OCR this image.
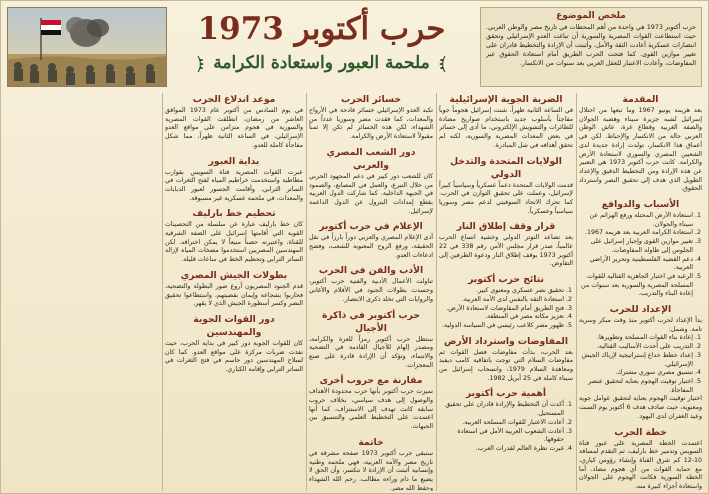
حرب أكتوبر 1973
ملحمة العبور واستعادة الكرامة
ملخص الموضوع

حرب أكتوبر 1973 هي واحدة من أهم المحطات في تاريخ مصر والوطن العربي. حيث استطاعت القوات المصرية والسورية أن تباغت العدو الإسرائيلي وتحقق انتصارات عسكرية أعادت الثقة والأمل، وأثبتت أن الإرادة والتخطيط قادران على تغيير موازين القوى. كما فتحت الحرب الطريق أمام استعادة الحقوق عبر المفاوضات، وأعادت الاعتبار للعقل العربي بعد سنوات من الانكسار.

المقدمة

بعد هزيمة يونيو 1967 وما تبعها من احتلال إسرائيل لشبه جزيرة سيناء وهضبة الجولان والضفة الغربية وقطاع غزة، عاش الوطن العربي حالة من الانكسار والإحباط. لكن في أعماق هذا الانكسار، تولدت إرادة جديدة لدى الشعبين المصري والسوري لاستعادة الأرض والكرامة. كانت حرب أكتوبر 1973 هي التعبير عن هذه الإرادة ومن التخطيط الدقيق والإعداد الطويل الذي هدف إلى تحقيق النصر واسترداد الحقوق.

الأسباب والدوافع
1. استعادة الأرض المحتلة ورفع الهزائم عن سيناء والجولان.
2. استعادة الكرامة العربية بعد هزيمة 1967.
3. تغيير موازين القوى وإجبار إسرائيل على الجلوس إلى طاولة المفاوضات.
4. دعم القضية الفلسطينية وتحرير الأراضي العربية.
5. الرغبة في اختبار الجاهزية القتالية للقوات المسلحة المصرية والسورية بعد سنوات من إعادة البناء والتدريب.
الإعداد للحرب

بدأ الإعداد لحرب أكتوبر منذ وقت مبكر وسرية تامة. وشمل:

1. إعادة بناء القوات المسلحة وتطويرها.
2. التدريب على أحدث الأساليب القتالية.
3. إعداد خطط خداع إستراتيجية لإرباك الجيش الإسرائيلي.
4. تنسيق مصري سوري مشترك.
5. اختيار توقيت الهجوم بعناية لتحقيق عنصر المفاجأة.

اختيار توقيت الهجوم بعناية لتحقيق عوامل جوية ومعنوية، حيث صادف هدف 6 أكتوبر يوم السبت وعيد الغفران لدى اليهود.

خطة الحرب

اعتمدت الخطة المصرية على عبور قناة السويس وتدمير خط بارليف، ثم التقدم لمسافة 10-12 كم شرق القناة وإنشاء رؤوس كباري، مع حماية القوات من أي هجوم مضاد. أما الخطة السورية فكانت الهجوم على الجولان واستعادة أجزاء كبيرة منه.

الضربة الجوية الإسرائيلية

في الساعة الثانية ظهراً، شنت إسرائيل هجوماً جوياً مفاجئاً بأسلوب جديد باستخدام صواريخ مضادة للطائرات والتشويش الإلكتروني، ما أدى إلى خسائر في بعض المعدات المصرية والسورية، لكنه لم تحقق أهدافه في شل المبادرة.

الولايات المتحدة والتدخل الدولي

قدمت الولايات المتحدة دعماً عسكرياً وسياسياً كبيراً لإسرائيل، وعملت على تحقيق التوازن في الحرب. كما تحرك الاتحاد السوفيتي لدعم مصر وسوريا سياسياً وعسكرياً.

قرار وقف إطلاق النار

بعد تصاعد التوتر الدولي وخشية اتساع الحرب عالمياً، صدر قرار مجلس الأمن رقم 338 في 22 أكتوبر 1973 بوقف إطلاق النار ودعوة الطرفين إلى التفاوض.

نتائج حرب أكتوبر
1. تحقيق نصر عسكري ومعنوي كبير.
2. استعادة الثقة بالنفس لدى الأمة العربية.
3. فتح الطريق أمام المفاوضات لاستعادة الأرض.
4. تعزيز مكانة مصر في المنطقة.
5. ظهور مصر كلاعب رئيسي في السياسة الدولية.
المفاوضات واسترداد الأرض

بعد الحرب، بدأت مفاوضات فصل القوات ثم مفاوضات السلام التي توجت باتفاقية كامب ديفيد ومعاهدة السلام 1979، وانسحاب إسرائيل من سيناء كاملة في 25 أبريل 1982.

أهمية حرب أكتوبر
1. أكدت أن التخطيط والإرادة قادران على تحقيق المستحيل.
2. أعادت الاعتبار للقوات المسلحة العربية.
3. أعادت الشعوب العربية الأمل في استعادة حقوقها.
4. غيرت نظرة العالم لقدرات العرب.
خسائر الحرب

تكبد العدو الإسرائيلي خسائر فادحة في الأرواح والمعدات، كما فقدت مصر وسوريا عدداً من الشهداء، لكن هذه الخسائر لم تكن إلا ثمناً مقبولاً لاستعادة الأرض والكرامة.

دور الشعب المصري والعربي

كان للشعب دور كبير في دعم المجهود الحربي من خلال التبرع، والعمل في المصانع، والصمود في الجبهة الداخلية. كما شاركت الدول العربية بقطع إمدادات البترول عن الدول الداعمة لإسرائيل.

الإعلام في حرب أكتوبر

أدى الإعلام المصري والعربي دوراً بارزاً في نقل الحقيقة، ورفع الروح المعنوية للشعب، وفضح ادعاءات العدو.

الأدب والفن في الحرب

تناولت الأعمال الأدبية والفنية حرب أكتوبر، وجسدت بطولات الجنود في الأفلام والأغاني والروايات التي تخلد ذكرى الانتصار.

حرب أكتوبر في ذاكرة الأجيال

ستظل حرب أكتوبر رمزاً للعزة والكرامة، ومصدر إلهام للأجيال القادمة في التضحية والانتماء، وتؤكد أن الإرادة قادرة على صنع المعجزات.

مقارنة مع حروب أخرى

تميزت حرب أكتوبر بأنها حرب محدودة الأهداف والوصول إلى هدف سياسي، بخلاف حروب سابقة كانت تهدف إلى الاستنزاف، كما أنها اعتمدت على التخطيط العلمي والتنسيق بين الجبهات.

خاتمة

ستبقى حرب أكتوبر 1973 صفحة مشرقة في تاريخ مصر والأمة العربية، فهي ملحمة وطنية وإنسانية أثبتت أن الإرادة لا تنكسر، وأن الحق لا يضيع ما دام وراءه مطالب. رحم الله الشهداء وحفظ الله مصر.

موعد اندلاع الحرب

في يوم السادس من أكتوبر عام 1973 الموافق العاشر من رمضان، انطلقت القوات المصرية والسورية في هجوم متزامن على مواقع العدو الإسرائيلي، في الساعة الثانية ظهراً، مما شكل مفاجأة كاملة للعدو.

بداية العبور

عبرت القوات المصرية قناة السويس بقوارب مطاطية واستخدمت خراطيم المياه لفتح الثغرات في الساتر الترابي، وأقامت الجسور لعبور الدبابات والمعدات، في ملحمة عسكرية غير مسبوقة.

تحطيم خط بارليف

كان خط بارليف عبارة عن سلسلة من التحصينات القوية التي أقامتها إسرائيل على الضفة الشرقية للقناة، واعتبرته حصناً منيعاً لا يمكن اختراقه. لكن المهندسين المصريين استخدموا مضخات المياه لإزالة الساتر الترابي وتحطيم الخط في ساعات قليلة.

بطولات الجيش المصري

قدم الجنود المصريون أروع صور البطولة والتضحية، فحاربوا بشجاعة وإيمان بقضيتهم، واستطاعوا تحقيق النصر وكسر أسطورة الجيش الذي لا يقهر.

دور القوات الجوية والمهندسين

كان للقوات الجوية دور كبير في بداية الحرب، حيث نفذت ضربات مركزة على مواقع العدو. كما كان لسلاح المهندسين دور حاسم في فتح الثغرات في الساتر الترابي وإقامة الكباري.
